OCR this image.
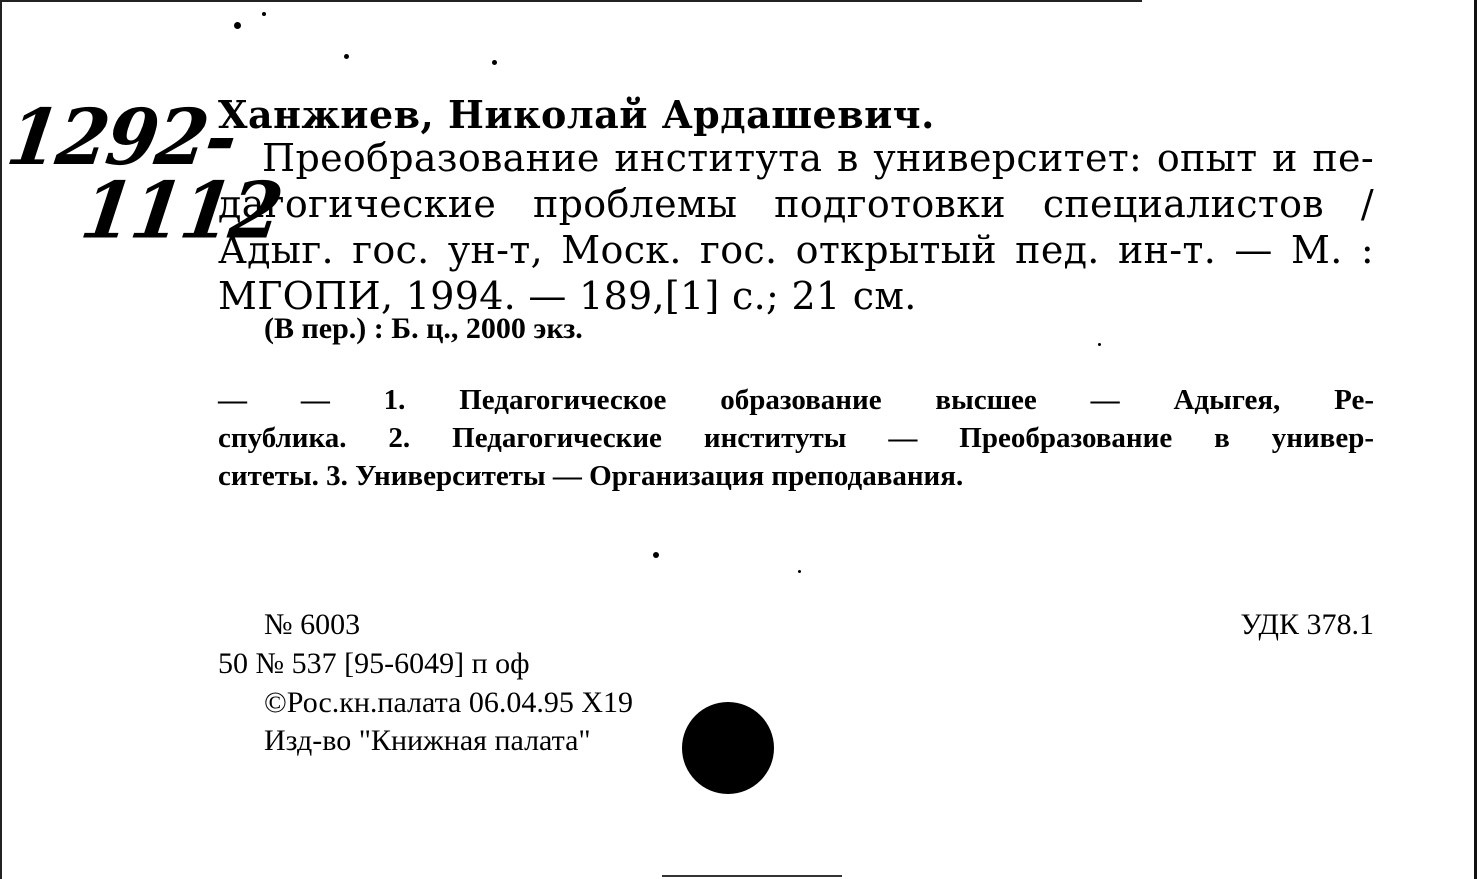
1292-
1112
Ханжиев, Николай Ардашевич.
Преобразование института в университет: опыт и пе-
дагогические проблемы подготовки специалистов /
Адыг. гос. ун-т, Моск. гос. открытый пед. ин-т. — М. :
МГОПИ, 1994. — 189,[1] с.; 21 см.
(В пер.) : Б. ц., 2000 экз.
— — 1. Педагогическое образование высшее — Адыгея, Ре-
спублика. 2. Педагогические институты — Преобразование в универ-
ситеты. 3. Университеты — Организация преподавания.
№ 6003
50 № 537 [95-6049] п оф
©Рос.кн.палата 06.04.95 Х19
Изд-во "Книжная палата"
УДК 378.1
